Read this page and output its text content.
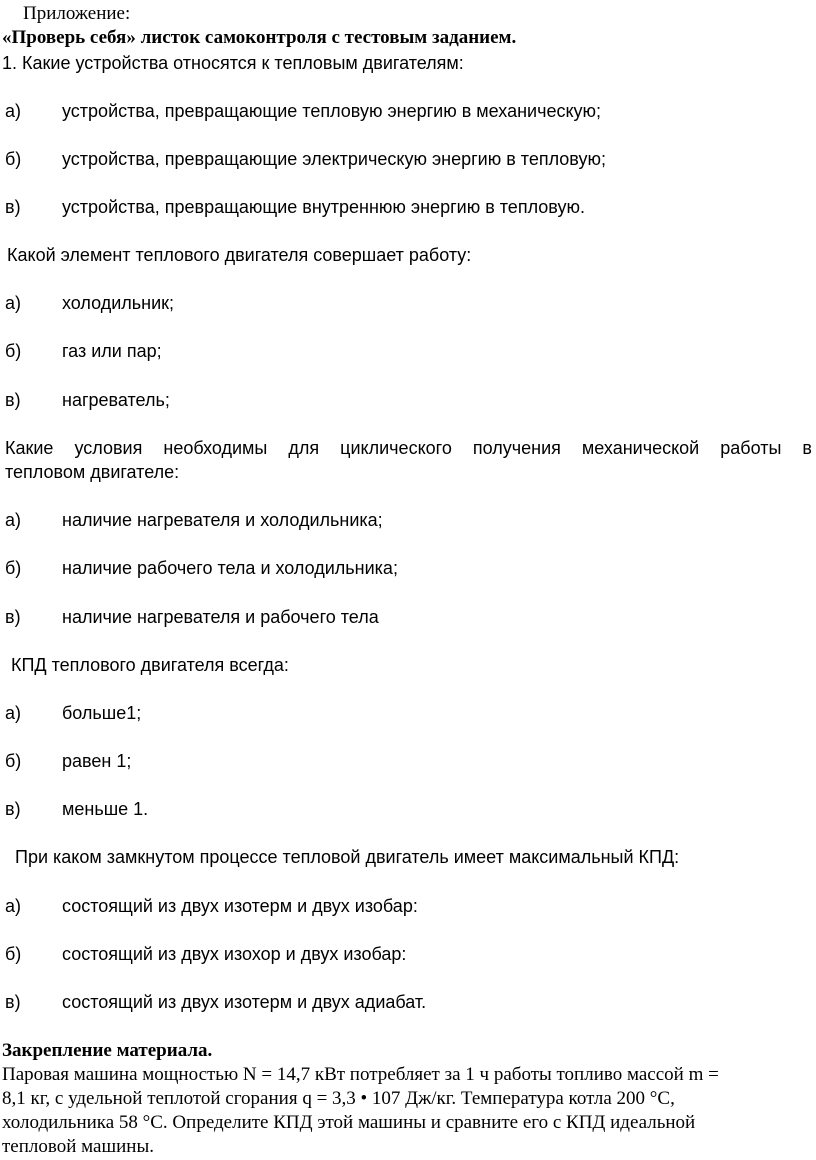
Приложение:
«Проверь себя» листок самоконтроля с тестовым заданием.
1. Какие устройства относятся к тепловым двигателям:
а) устройства, превращающие тепловую энергию в механическую;
б) устройства, превращающие электрическую энергию в тепловую;
в) устройства, превращающие внутреннюю энергию в тепловую.
Какой элемент теплового двигателя совершает работу:
а) холодильник;
б) газ или пар;
в) нагреватель;
Какие условия необходимы для циклического получения механической работы в
тепловом двигателе:
а) наличие нагревателя и холодильника;
б) наличие рабочего тела и холодильника;
в) наличие нагревателя и рабочего тела
КПД теплового двигателя всегда:
а) больше1;
б) равен 1;
в) меньше 1.
При каком замкнутом процессе тепловой двигатель имеет максимальный КПД:
а) состоящий из двух изотерм и двух изобар:
б) состоящий из двух изохор и двух изобар:
в) состоящий из двух изотерм и двух адиабат.
Закрепление материала.
Паровая машина мощностью N = 14,7 кВт потребляет за 1 ч работы топливо массой m =
8,1 кг, с удельной теплотой сгорания q = 3,3 • 107 Дж/кг. Температура котла 200 °С,
холодильника 58 °С. Определите КПД этой машины и сравните его с КПД идеальной
тепловой машины.
